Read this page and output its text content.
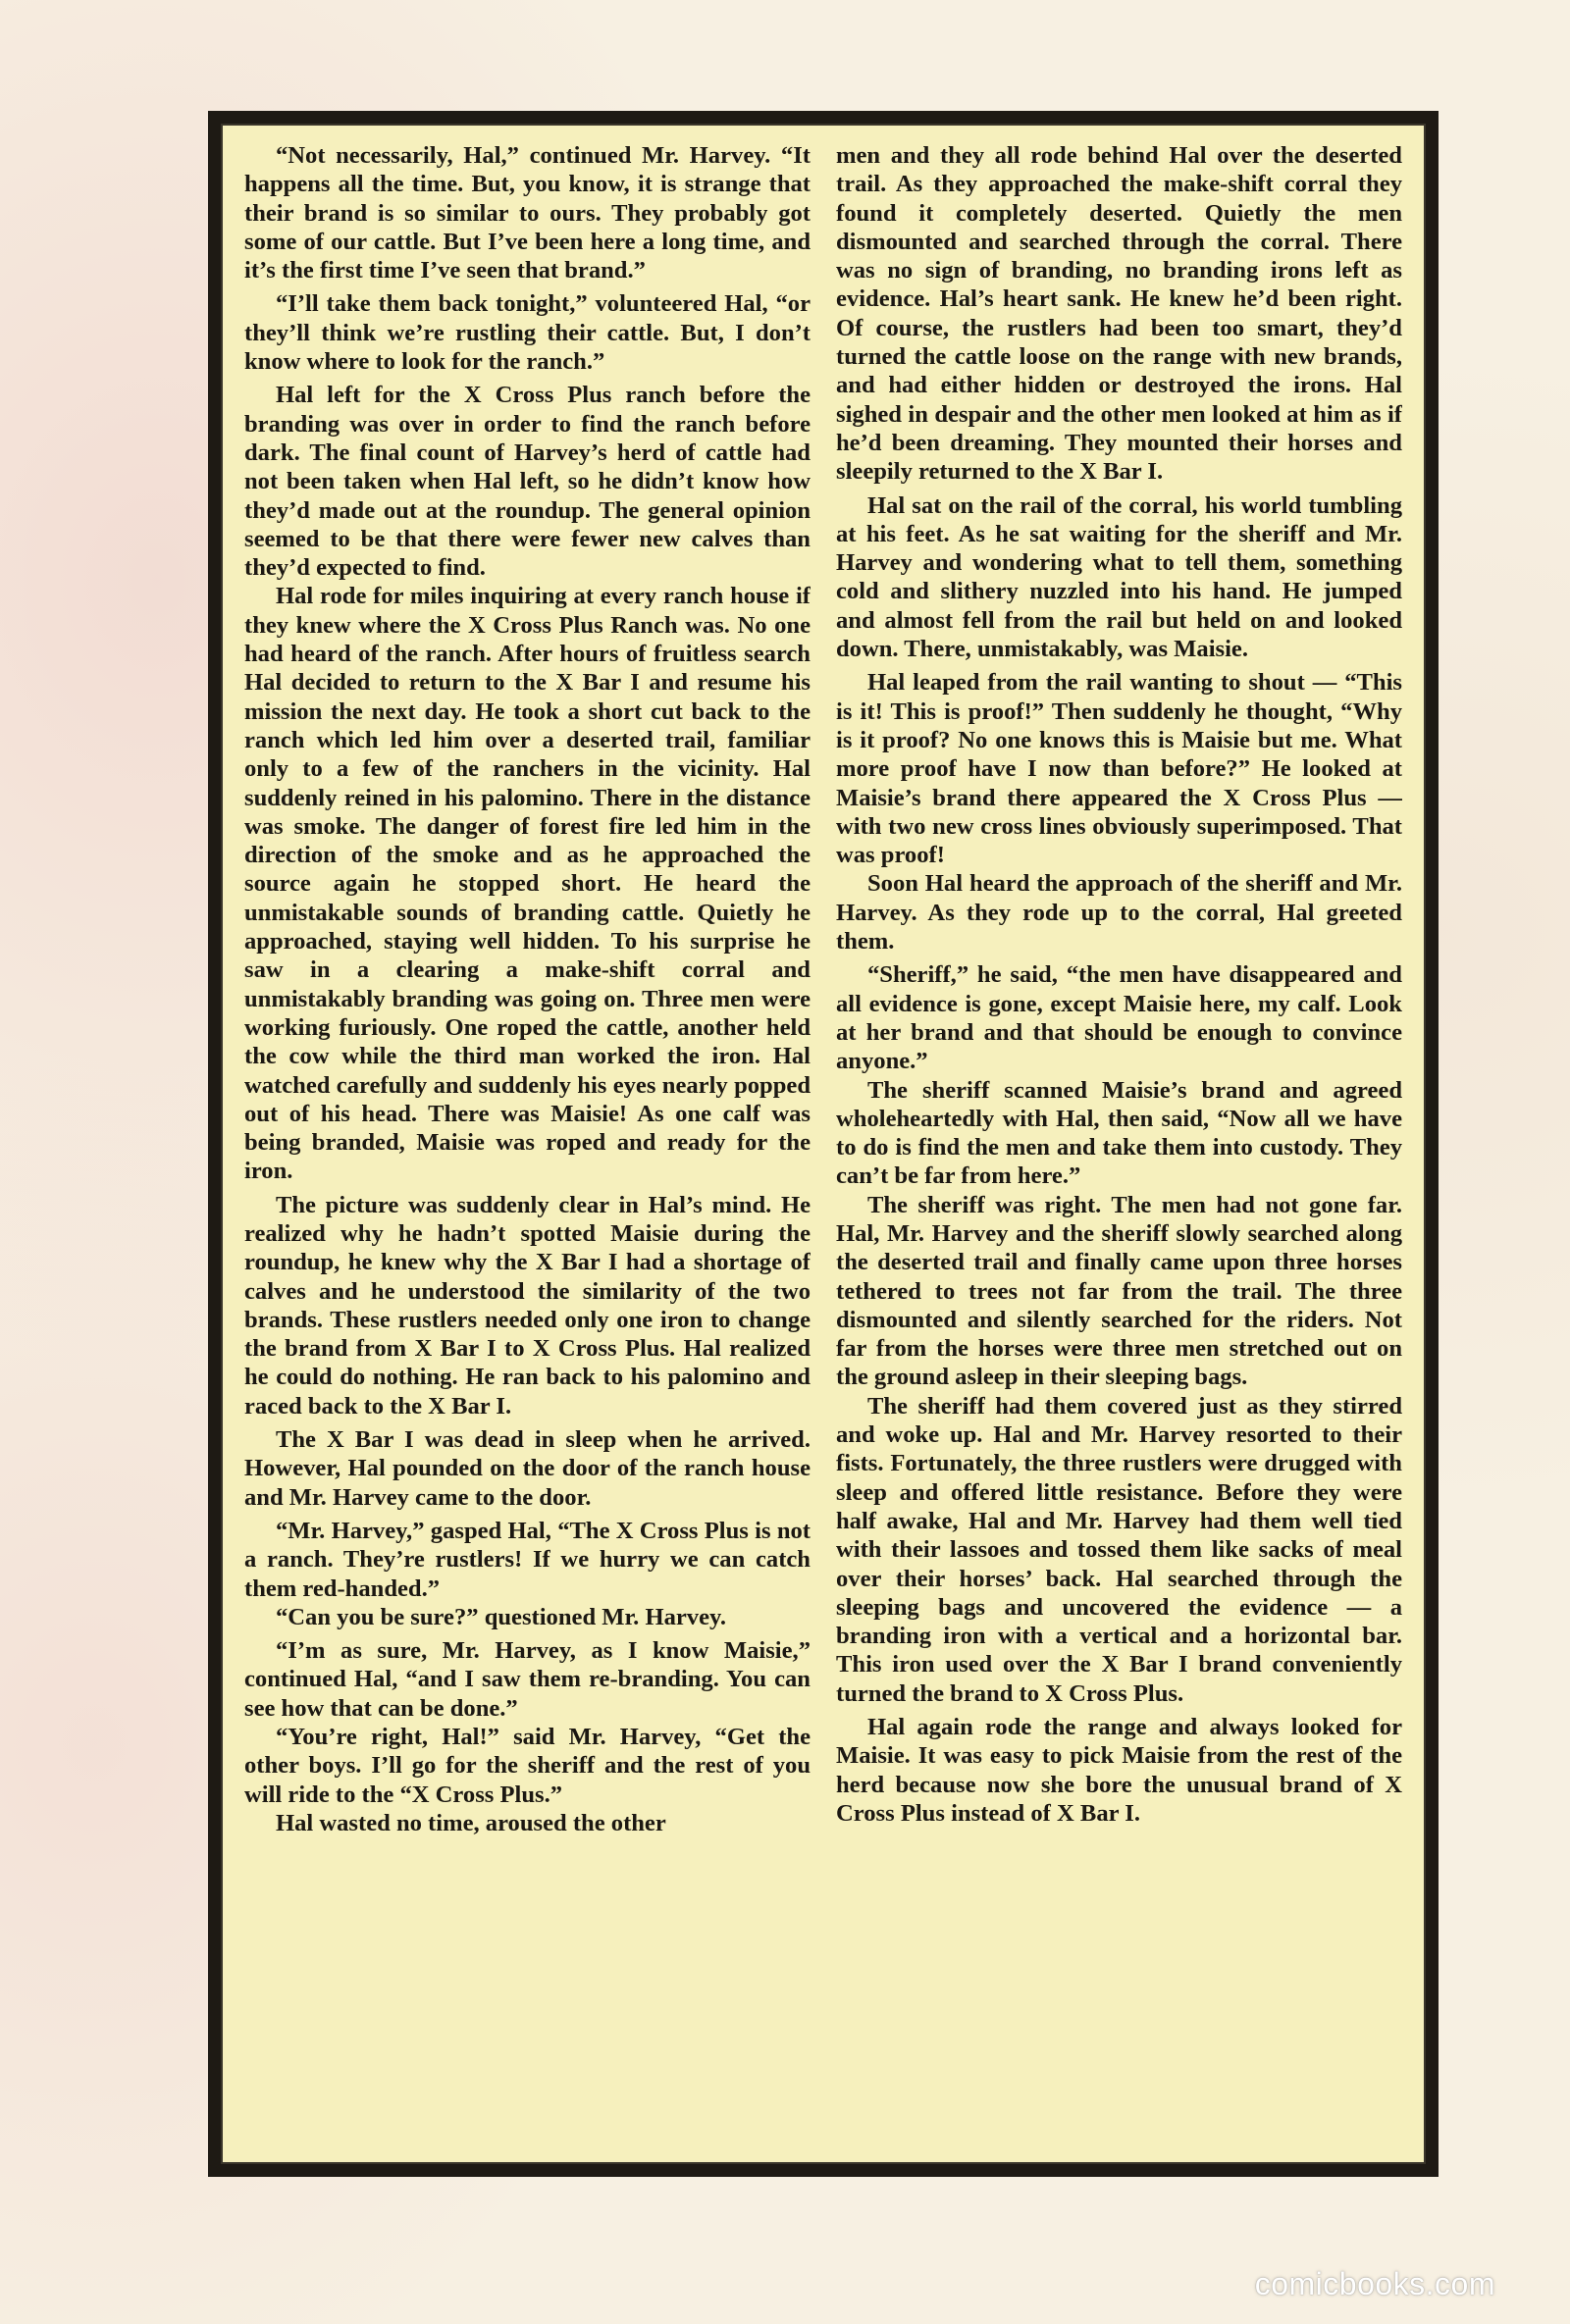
“Not necessarily, Hal,” continued Mr. Harvey. “It happens all the time. But, you know, it is strange that their brand is so similar to ours. They probably got some of our cattle. But I’ve been here a long time, and it’s the first time I’ve seen that brand.”

“I’ll take them back tonight,” volunteered Hal, “or they’ll think we’re rustling their cattle. But, I don’t know where to look for the ranch.”

Hal left for the X Cross Plus ranch before the branding was over in order to find the ranch before dark. The final count of Harvey’s herd of cattle had not been taken when Hal left, so he didn’t know how they’d made out at the roundup. The general opinion seemed to be that there were fewer new calves than they’d expected to find.

Hal rode for miles inquiring at every ranch house if they knew where the X Cross Plus Ranch was. No one had heard of the ranch. After hours of fruitless search Hal decided to return to the X Bar I and resume his mission the next day. He took a short cut back to the ranch which led him over a deserted trail, familiar only to a few of the ranchers in the vicinity. Hal suddenly reined in his palomino. There in the distance was smoke. The danger of forest fire led him in the direction of the smoke and as he approached the source again he stopped short. He heard the unmistakable sounds of branding cattle. Quietly he approached, staying well hidden. To his surprise he saw in a clearing a make-shift corral and unmistakably branding was going on. Three men were working furiously. One roped the cattle, another held the cow while the third man worked the iron. Hal watched carefully and suddenly his eyes nearly popped out of his head. There was Maisie! As one calf was being branded, Maisie was roped and ready for the iron.

The picture was suddenly clear in Hal’s mind. He realized why he hadn’t spotted Maisie during the roundup, he knew why the X Bar I had a shortage of calves and he understood the similarity of the two brands. These rustlers needed only one iron to change the brand from X Bar I to X Cross Plus. Hal realized he could do nothing. He ran back to his palomino and raced back to the X Bar I.

The X Bar I was dead in sleep when he arrived. However, Hal pounded on the door of the ranch house and Mr. Harvey came to the door.

“Mr. Harvey,” gasped Hal, “The X Cross Plus is not a ranch. They’re rustlers! If we hurry we can catch them red-handed.”

“Can you be sure?” questioned Mr. Harvey.

“I’m as sure, Mr. Harvey, as I know Maisie,” continued Hal, “and I saw them re-branding. You can see how that can be done.”

“You’re right, Hal!” said Mr. Harvey, “Get the other boys. I’ll go for the sheriff and the rest of you will ride to the “X Cross Plus.”

Hal wasted no time, aroused the other

men and they all rode behind Hal over the deserted trail. As they approached the make-shift corral they found it completely deserted. Quietly the men dismounted and searched through the corral. There was no sign of branding, no branding irons left as evidence. Hal’s heart sank. He knew he’d been right. Of course, the rustlers had been too smart, they’d turned the cattle loose on the range with new brands, and had either hidden or destroyed the irons. Hal sighed in despair and the other men looked at him as if he’d been dreaming. They mounted their horses and sleepily returned to the X Bar I.

Hal sat on the rail of the corral, his world tumbling at his feet. As he sat waiting for the sheriff and Mr. Harvey and wondering what to tell them, something cold and slithery nuzzled into his hand. He jumped and almost fell from the rail but held on and looked down. There, unmistakably, was Maisie.

Hal leaped from the rail wanting to shout — “This is it! This is proof!” Then suddenly he thought, “Why is it proof? No one knows this is Maisie but me. What more proof have I now than before?” He looked at Maisie’s brand there appeared the X Cross Plus — with two new cross lines obviously superimposed. That was proof!

Soon Hal heard the approach of the sheriff and Mr. Harvey. As they rode up to the corral, Hal greeted them.

“Sheriff,” he said, “the men have disappeared and all evidence is gone, except Maisie here, my calf. Look at her brand and that should be enough to convince anyone.”

The sheriff scanned Maisie’s brand and agreed wholeheartedly with Hal, then said, “Now all we have to do is find the men and take them into custody. They can’t be far from here.”

The sheriff was right. The men had not gone far. Hal, Mr. Harvey and the sheriff slowly searched along the deserted trail and finally came upon three horses tethered to trees not far from the trail. The three dismounted and silently searched for the riders. Not far from the horses were three men stretched out on the ground asleep in their sleeping bags.

The sheriff had them covered just as they stirred and woke up. Hal and Mr. Harvey resorted to their fists. Fortunately, the three rustlers were drugged with sleep and offered little resistance. Before they were half awake, Hal and Mr. Harvey had them well tied with their lassoes and tossed them like sacks of meal over their horses’ back. Hal searched through the sleeping bags and uncovered the evidence — a branding iron with a vertical and a horizontal bar. This iron used over the X Bar I brand conveniently turned the brand to X Cross Plus.

Hal again rode the range and always looked for Maisie. It was easy to pick Maisie from the rest of the herd because now she bore the unusual brand of X Cross Plus instead of X Bar I.

comicbooks.com
